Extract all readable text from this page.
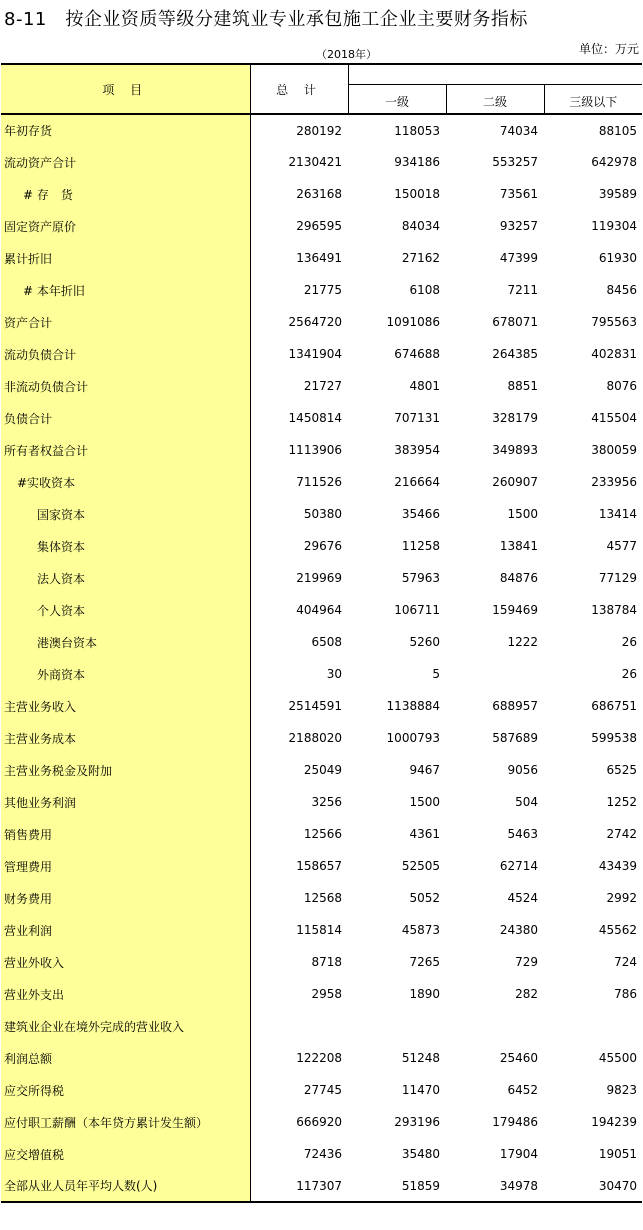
8-11　按企业资质等级分建筑业专业承包施工企业主要财务指标
（2018年）	单位：万元
项 目	总 计			
		一级	二级	三级以下
年初存货	280192	118053	74034	88105
流动资产合计	2130421	934186	553257	642978
# 存　货	263168	150018	73561	39589
固定资产原价	296595	84034	93257	119304
累计折旧	136491	27162	47399	61930
# 本年折旧	21775	6108	7211	8456
资产合计	2564720	1091086	678071	795563
流动负债合计	1341904	674688	264385	402831
非流动负债合计	21727	4801	8851	8076
负债合计	1450814	707131	328179	415504
所有者权益合计	1113906	383954	349893	380059
#实收资本	711526	216664	260907	233956
国家资本	50380	35466	1500	13414
集体资本	29676	11258	13841	4577
法人资本	219969	57963	84876	77129
个人资本	404964	106711	159469	138784
港澳台资本	6508	5260	1222	26
外商资本	30	5		26
主营业务收入	2514591	1138884	688957	686751
主营业务成本	2188020	1000793	587689	599538
主营业务税金及附加	25049	9467	9056	6525
其他业务利润	3256	1500	504	1252
销售费用	12566	4361	5463	2742
管理费用	158657	52505	62714	43439
财务费用	12568	5052	4524	2992
营业利润	115814	45873	24380	45562
营业外收入	8718	7265	729	724
营业外支出	2958	1890	282	786
建筑业企业在境外完成的营业收入				
利润总额	122208	51248	25460	45500
应交所得税	27745	11470	6452	9823
应付职工薪酬（本年贷方累计发生额）	666920	293196	179486	194239
应交增值税	72436	35480	17904	19051
全部从业人员年平均人数(人)	117307	51859	34978	30470
